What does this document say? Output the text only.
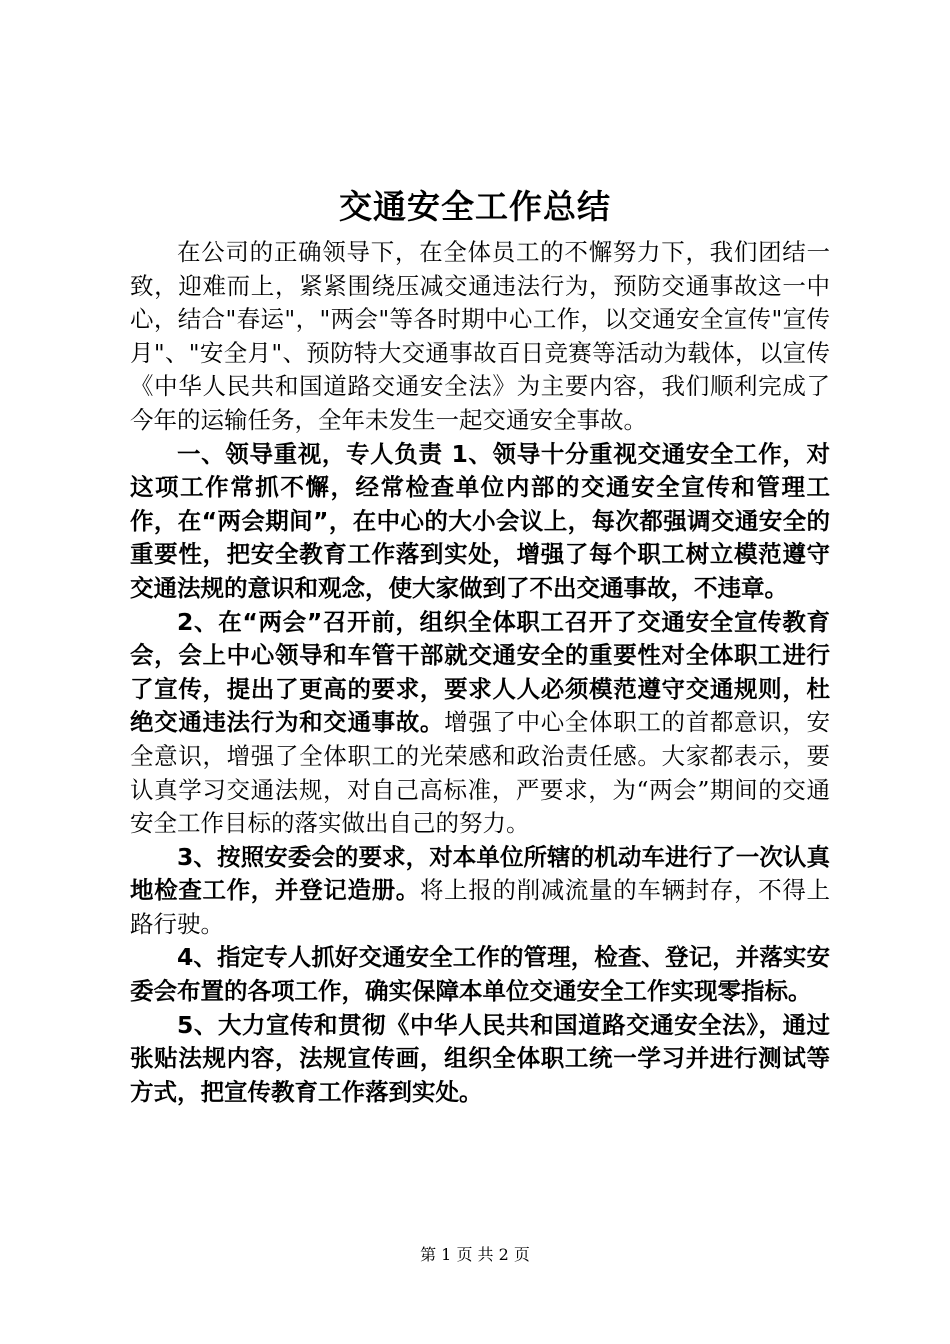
交通安全工作总结

在公司的正确领导下，在全体员工的不懈努力下，我们团结一致，迎难而上，紧紧围绕压减交通违法行为，预防交通事故这一中心，结合"春运"，"两会"等各时期中心工作，以交通安全宣传"宣传月"、"安全月"、预防特大交通事故百日竞赛等活动为载体，以宣传《中华人民共和国道路交通安全法》为主要内容，我们顺利完成了今年的运输任务，全年未发生一起交通安全事故。

一、领导重视，专人负责 1、领导十分重视交通安全工作，对这项工作常抓不懈，经常检查单位内部的交通安全宣传和管理工作，在“两会期间”，在中心的大小会议上，每次都强调交通安全的重要性，把安全教育工作落到实处，增强了每个职工树立模范遵守交通法规的意识和观念，使大家做到了不出交通事故，不违章。

2、在“两会”召开前，组织全体职工召开了交通安全宣传教育会，会上中心领导和车管干部就交通安全的重要性对全体职工进行了宣传，提出了更高的要求，要求人人必须模范遵守交通规则，杜绝交通违法行为和交通事故。增强了中心全体职工的首都意识，安全意识，增强了全体职工的光荣感和政治责任感。大家都表示，要认真学习交通法规，对自己高标准，严要求，为“两会”期间的交通安全工作目标的落实做出自己的努力。

3、按照安委会的要求，对本单位所辖的机动车进行了一次认真地检查工作，并登记造册。将上报的削减流量的车辆封存，不得上路行驶。

4、指定专人抓好交通安全工作的管理，检查、登记，并落实安委会布置的各项工作，确实保障本单位交通安全工作实现零指标。

5、大力宣传和贯彻《中华人民共和国道路交通安全法》，通过张贴法规内容，法规宣传画，组织全体职工统一学习并进行测试等方式，把宣传教育工作落到实处。

第 1 页 共 2 页
